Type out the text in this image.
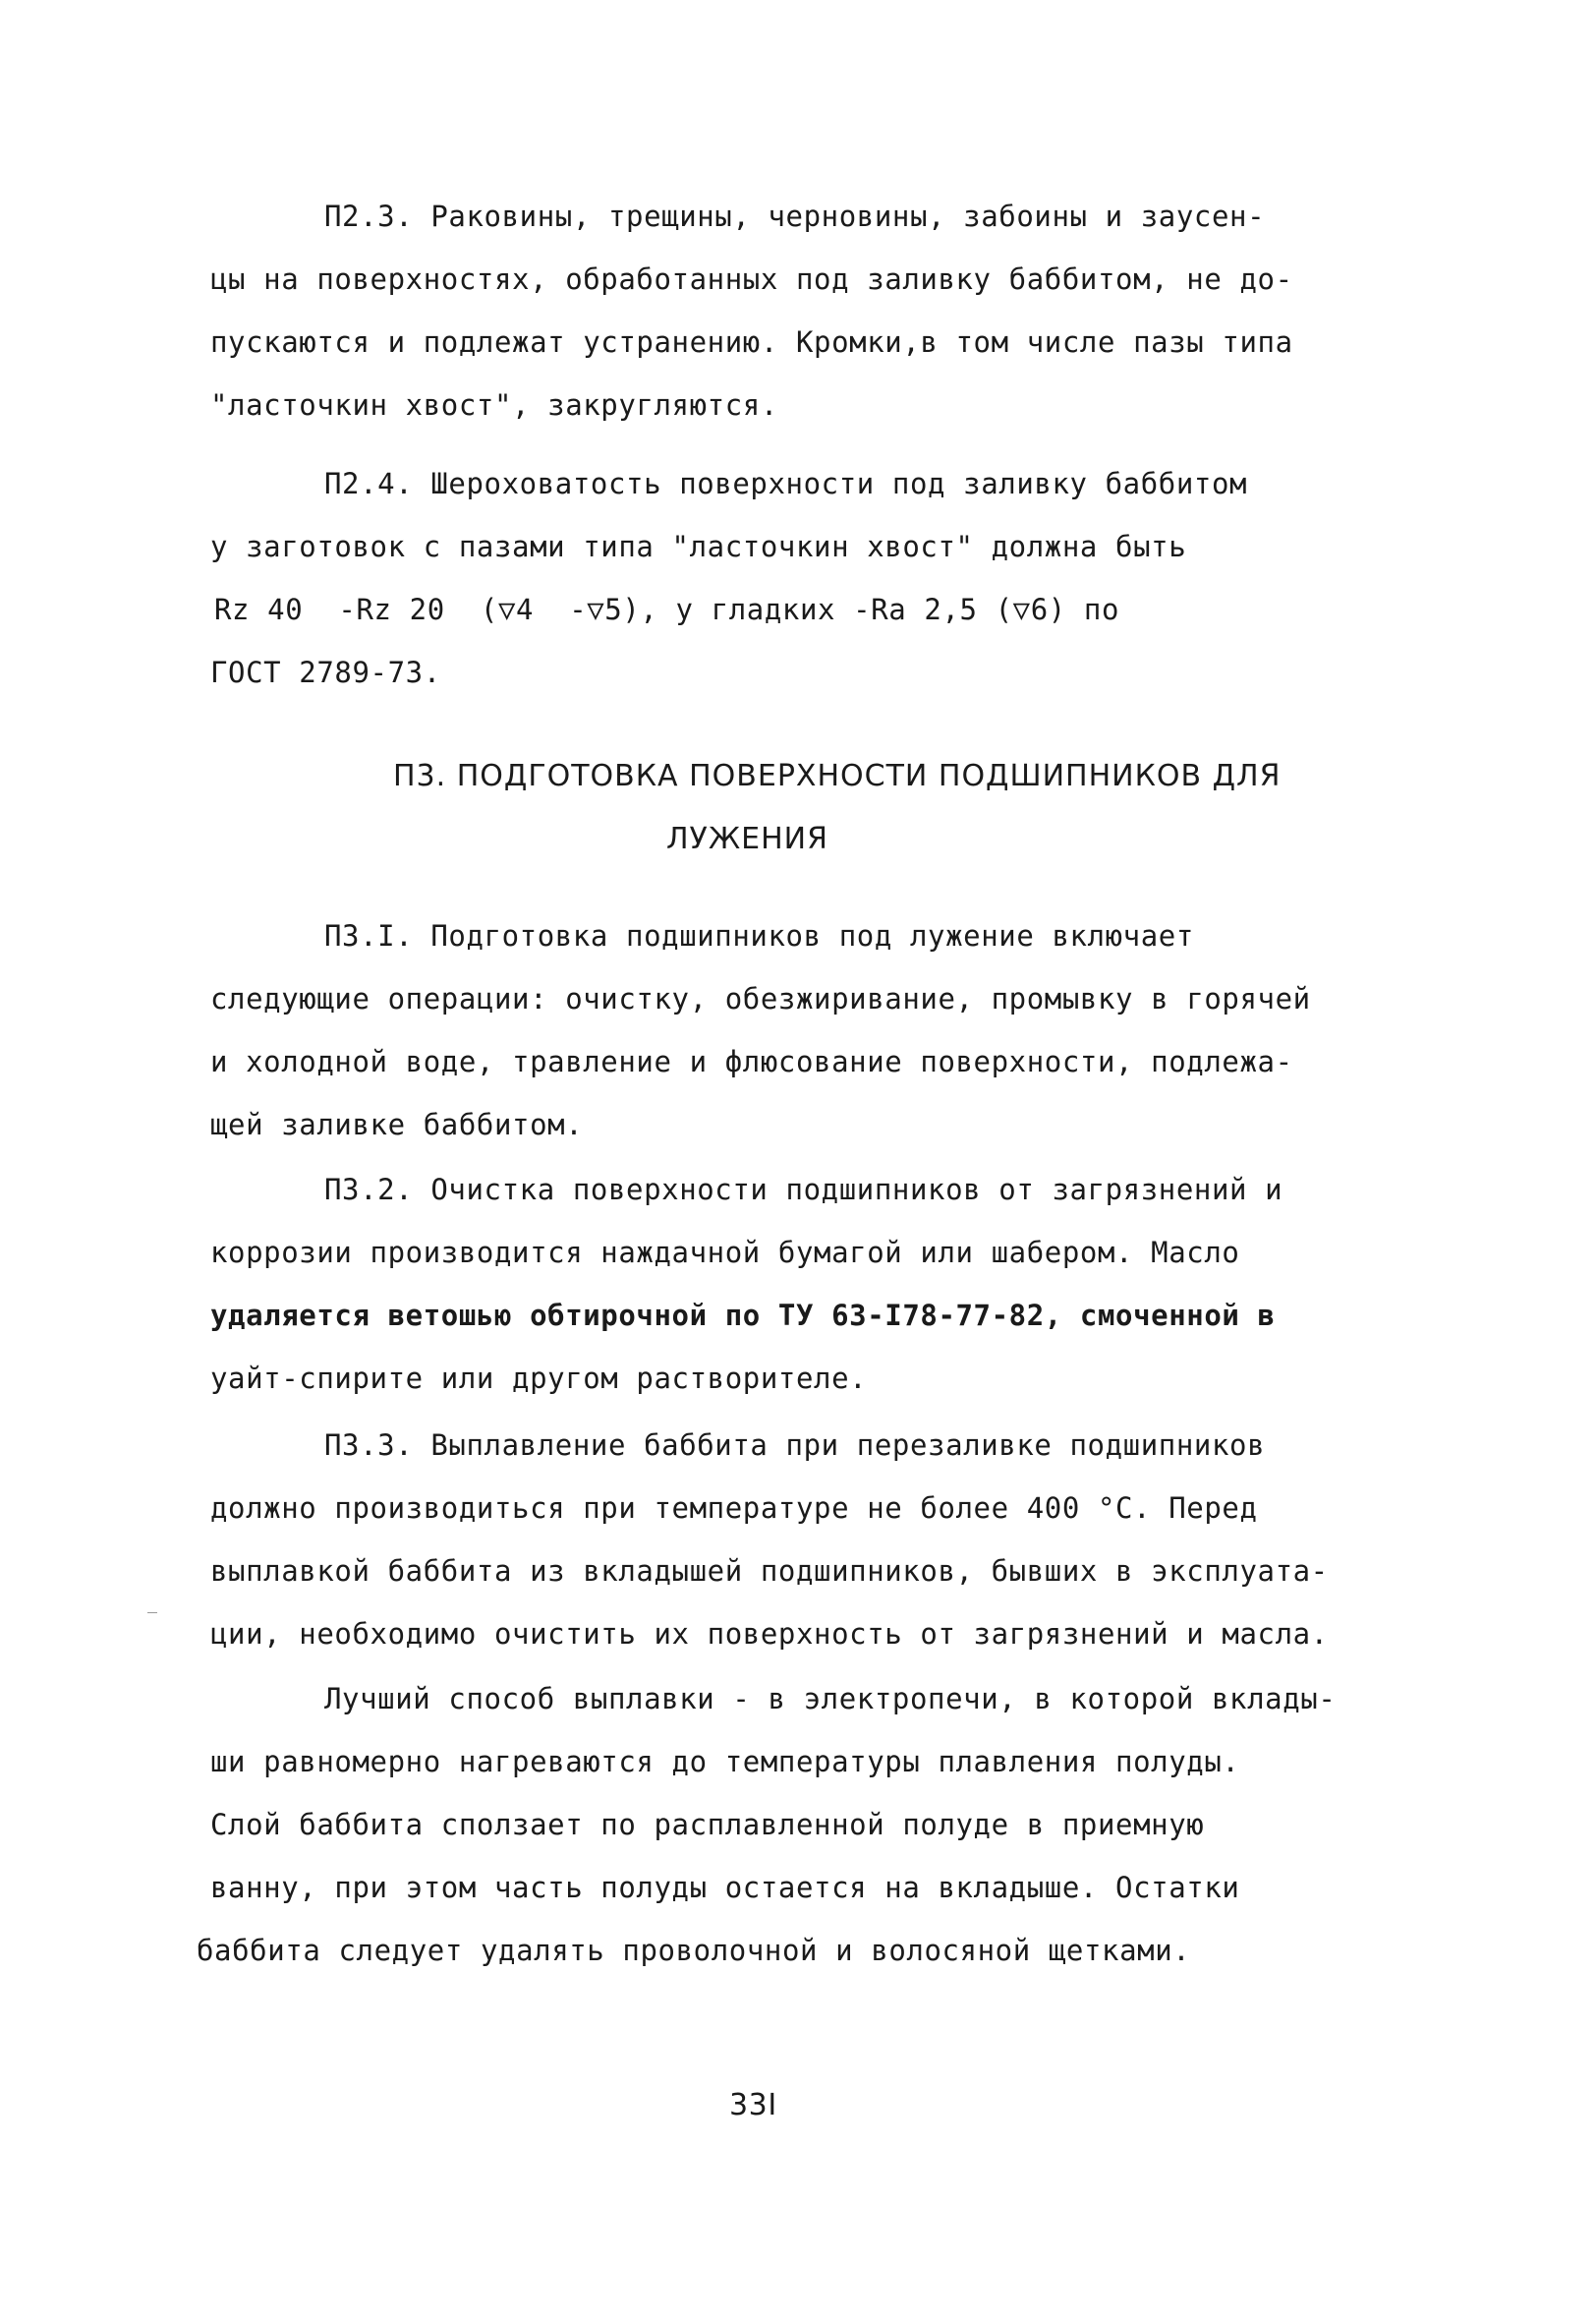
П2.3. Раковины, трещины, черновины, забоины и заусен-
цы на поверхностях, обработанных под заливку баббитом, не до-
пускаются и подлежат устранению. Кромки,в том числе пазы типа
"ласточкин хвост", закругляются.
П2.4. Шероховатость поверхности под заливку баббитом
у заготовок с пазами типа "ласточкин хвост" должна быть
Rz 40  -Rz 20  (▽4  -▽5), у гладких -Ra 2,5 (▽6) по
ГОСТ 2789-73.
П3. ПОДГОТОВКА ПОВЕРХНОСТИ ПОДШИПНИКОВ ДЛЯ
ЛУЖЕНИЯ
П3.I. Подготовка подшипников под лужение включает
следующие операции: очистку, обезжиривание, промывку в горячей
и холодной воде, травление и флюсование поверхности, подлежа-
щей заливке баббитом.
П3.2. Очистка поверхности подшипников от загрязнений и
коррозии производится наждачной бумагой или шабером. Масло
удаляется ветошью обтирочной по ТУ 63-I78-77-82, смоченной в
уайт-спирите или другом растворителе.
П3.3. Выплавление баббита при перезаливке подшипников
должно производиться при температуре не более 400 °С. Перед
выплавкой баббита из вкладышей подшипников, бывших в эксплуата-
ции, необходимо очистить их поверхность от загрязнений и масла.
Лучший способ выплавки - в электропечи, в которой вклады-
ши равномерно нагреваются до температуры плавления полуды.
Слой баббита сползает по расплавленной полуде в приемную
ванну, при этом часть полуды остается на вкладыше. Остатки
баббита следует удалять проволочной и волосяной щетками.
33I
